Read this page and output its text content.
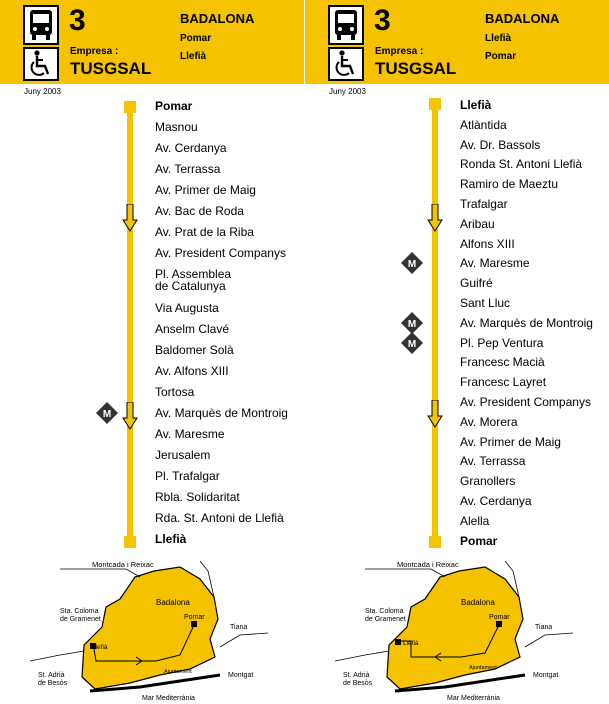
3
Empresa :
TUSGSAL
BADALONA
Pomar
Llefià
Juny 2003
Pomar
Masnou
Av. Cerdanya
Av. Terrassa
Av. Primer de Maig
Av. Bac de Roda
Av. Prat de la Riba
Av. President Companys
Pl. Assemblea
de Catalunya
Via Augusta
Anselm Clavé
Baldomer Solà
Av. Alfons XIII
Tortosa
Av. Marquès de Montroig
Av. Maresme
Jerusalem
Pl. Trafalgar
Rbla. Solidaritat
Rda. St. Antoni de Llefià
Llefià
Montcada i Reixac
Badalona
Sta. Coloma de Gramenet	Pomar
Llefià
Ajuntament
Tiana
Montgat
St. Adrià de Besòs
Mar Mediterrània
M
3
Empresa :
TUSGSAL
BADALONA
Llefià
Pomar
Juny 2003
Llefià
Atlàntida
Av. Dr. Bassols
Ronda St. Antoni Llefià
Ramiro de Maeztu
Trafalgar
Aribau
Alfons XIII
Av. Maresme
Guifré
Sant Lluc
Av. Marquès de Montroig
Pl. Pep Ventura
Francesc Macià
Francesc Layret
Av. President Companys
Av. Morera
Av. Primer de Maig
Av. Terrassa
Granollers
Av. Cerdanya
Alella
Pomar
Montcada i Reixac
Badalona
Sta. Coloma de Gramenet	Pomar
Llefià
Ajuntament
Tiana
Montgat
St. Adrià de Besòs
Mar Mediterrània
M
M
M
